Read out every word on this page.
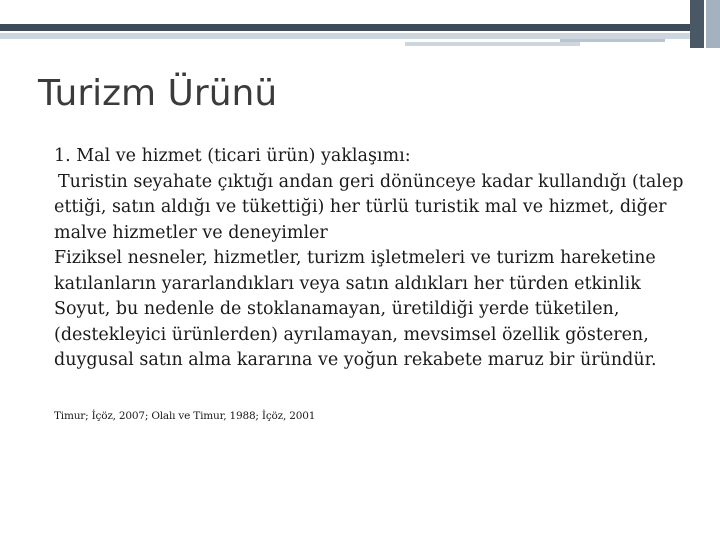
Turizm Ürünü
1. Mal ve hizmet (ticari ürün) yaklaşımı:
Turistin seyahate çıktığı andan geri dönünceye kadar kullandığı (talep
ettiği, satın aldığı ve tükettiği) her türlü turistik mal ve hizmet, diğer
malve hizmetler ve deneyimler
Fiziksel nesneler, hizmetler, turizm işletmeleri ve turizm hareketine
katılanların yararlandıkları veya satın aldıkları her türden etkinlik
Soyut, bu nedenle de stoklanamayan, üretildiği yerde tüketilen,
(destekleyici ürünlerden) ayrılamayan, mevsimsel özellik gösteren,
duygusal satın alma kararına ve yoğun rekabete maruz bir üründür.
Timur; İçöz, 2007; Olalı ve Timur, 1988; İçöz, 2001
